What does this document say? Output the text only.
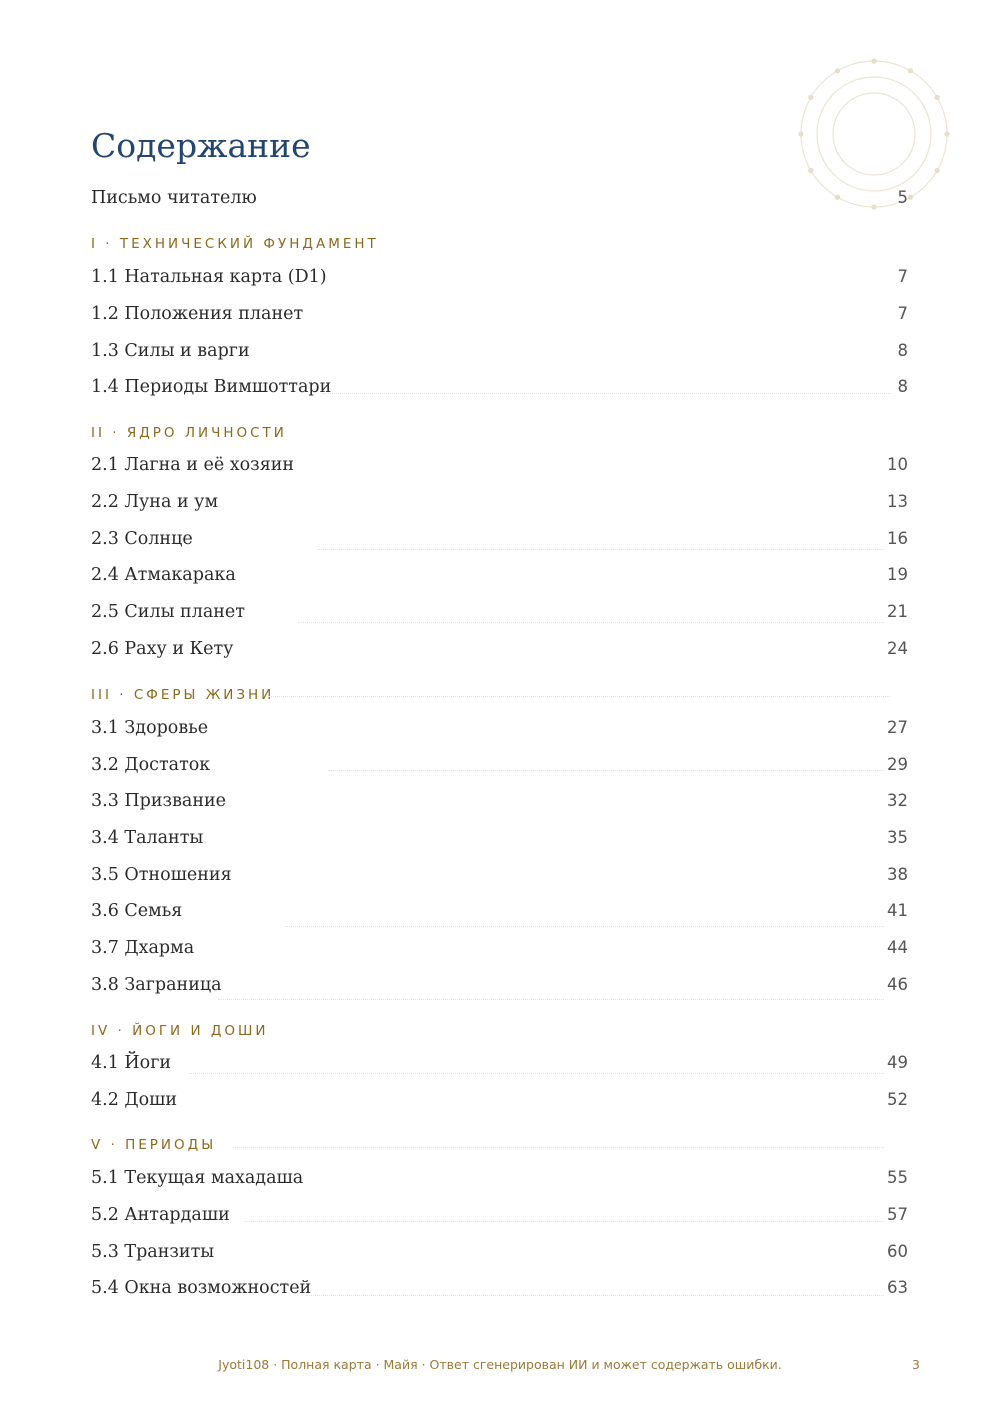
Содержание
Письмо читателю	5
I · ТЕХНИЧЕСКИЙ ФУНДАМЕНТ
1.1 Натальная карта (D1)	7
1.2 Положения планет	7
1.3 Силы и варги	8
1.4 Периоды Вимшоттари	8
II · ЯДРО ЛИЧНОСТИ
2.1 Лагна и её хозяин	10
2.2 Луна и ум	13
2.3 Солнце	16
2.4 Атмакарака	19
2.5 Силы планет	21
2.6 Раху и Кету	24
III · СФЕРЫ ЖИЗНИ
3.1 Здоровье	27
3.2 Достаток	29
3.3 Призвание	32
3.4 Таланты	35
3.5 Отношения	38
3.6 Семья	41
3.7 Дхарма	44
3.8 Заграница	46
IV · ЙОГИ И ДОШИ
4.1 Йоги	49
4.2 Доши	52
V · ПЕРИОДЫ
5.1 Текущая махадаша	55
5.2 Антардаши	57
5.3 Транзиты	60
5.4 Окна возможностей	63
Jyoti108 · Полная карта · Майя · Ответ сгенерирован ИИ и может содержать ошибки.	3
